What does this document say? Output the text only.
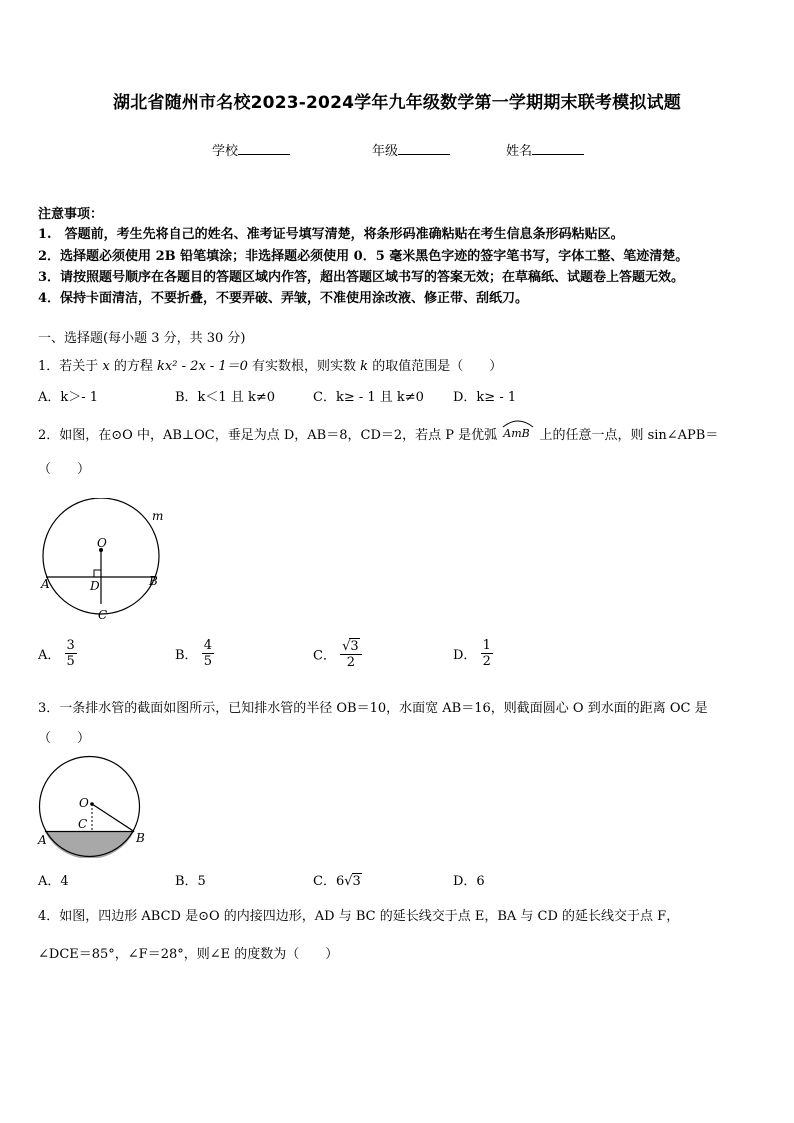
湖北省随州市名校2023-2024学年九年级数学第一学期期末联考模拟试题
学校	年级	姓名
注意事项：
1.　答题前，考生先将自己的姓名、准考证号填写清楚，将条形码准确粘贴在考生信息条形码粘贴区。
2．选择题必须使用 2B 铅笔填涂；非选择题必须使用 0．5 毫米黑色字迹的签字笔书写，字体工整、笔迹清楚。
3．请按照题号顺序在各题目的答题区域内作答，超出答题区域书写的答案无效；在草稿纸、试题卷上答题无效。
4．保持卡面清洁，不要折叠，不要弄破、弄皱，不准使用涂改液、修正带、刮纸刀。
一、选择题(每小题 3 分，共 30 分)
1．若关于 x 的方程 kx² - 2x - 1＝0 有实数根，则实数 k 的取值范围是（　　）
A．k＞- 1	B．k＜1 且 k≠0	C．k≥ - 1 且 k≠0 D．k≥ - 1
2．如图，在⊙O 中，AB⊥OC，垂足为点 D，AB＝8，CD＝2，若点 P 是优弧 AmB 上的任意一点，则 sin∠APB＝
（　　）
O
m
A	B
D
C
A． $\frac{3}{5}$	B． $\frac{4}{5}$	C． $\frac{√3}{2}$	D． $\frac{1}{2}$
3．一条排水管的截面如图所示，已知排水管的半径 OB＝10，水面宽 AB＝16，则截面圆心 O 到水面的距离 OC 是
（　　）
O
C
A	B
A．4	B．5	C．6√3	D．6
4．如图，四边形 ABCD 是⊙O 的内接四边形，AD 与 BC 的延长线交于点 E，BA 与 CD 的延长线交于点 F，
∠DCE＝85°，∠F＝28°，则∠E 的度数为（　　）
